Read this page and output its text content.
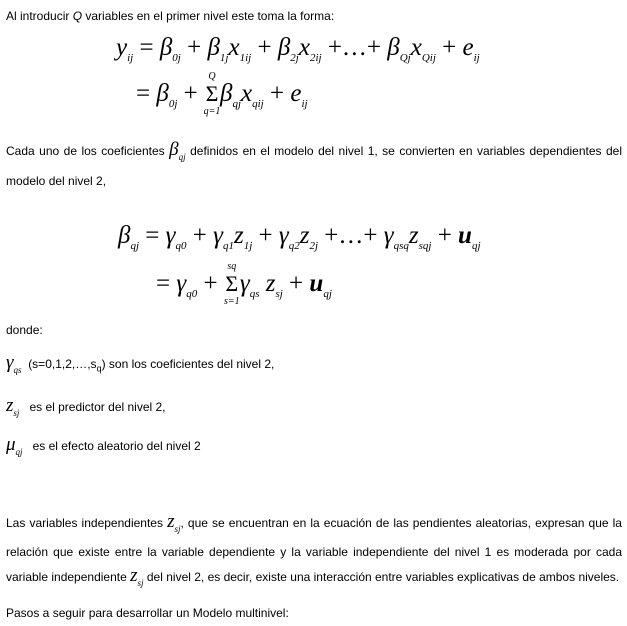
Al introducir Q variables en el primer nivel este toma la forma:
$y_{ij} = \beta_{0j} + \beta_{1j}x_{1ij} + \beta_{2j}x_{2ij}$ +…+ $\beta_{Qj}x_{Qij} + e_{ij}$
= $\beta_{0j} + \Sigma$
Q
q=1
$\beta_{qj}x_{qij} + e_{ij}$
Cada uno de los coeficientes $\beta_{qj}$ definidos en el modelo del nivel 1, se convierten en variables dependientes del modelo del nivel 2,
$\beta_{qj} = \gamma_{q0} + \gamma_{q1}z_{1j} + \gamma_{q2}z_{2j}$ +…+ $\gamma_{qsq}z_{sqj} + u_{qj}$
= $\gamma_{q0} + \Sigma$
sq
s=1
$\gamma_{qs}$ $z_{sj} + u_{qj}$
donde:
$\gamma_{qs}$ $(s=0,1,2,\dots,s_q)$ son los coeficientes del nivel 2,
$z_{sj}$ es el predictor del nivel 2,
$\mu_{qj}$ es el efecto aleatorio del nivel 2
Las variables independientes $z_{sj}$, que se encuentran en la ecuación de las pendientes aleatorias, expresan que la relación que existe entre la variable dependiente y la variable independiente del nivel 1 es moderada por cada variable independiente $z_{sj}$ del nivel 2, es decir, existe una interacción entre variables explicativas de ambos niveles.
Pasos a seguir para desarrollar un Modelo multinivel:
